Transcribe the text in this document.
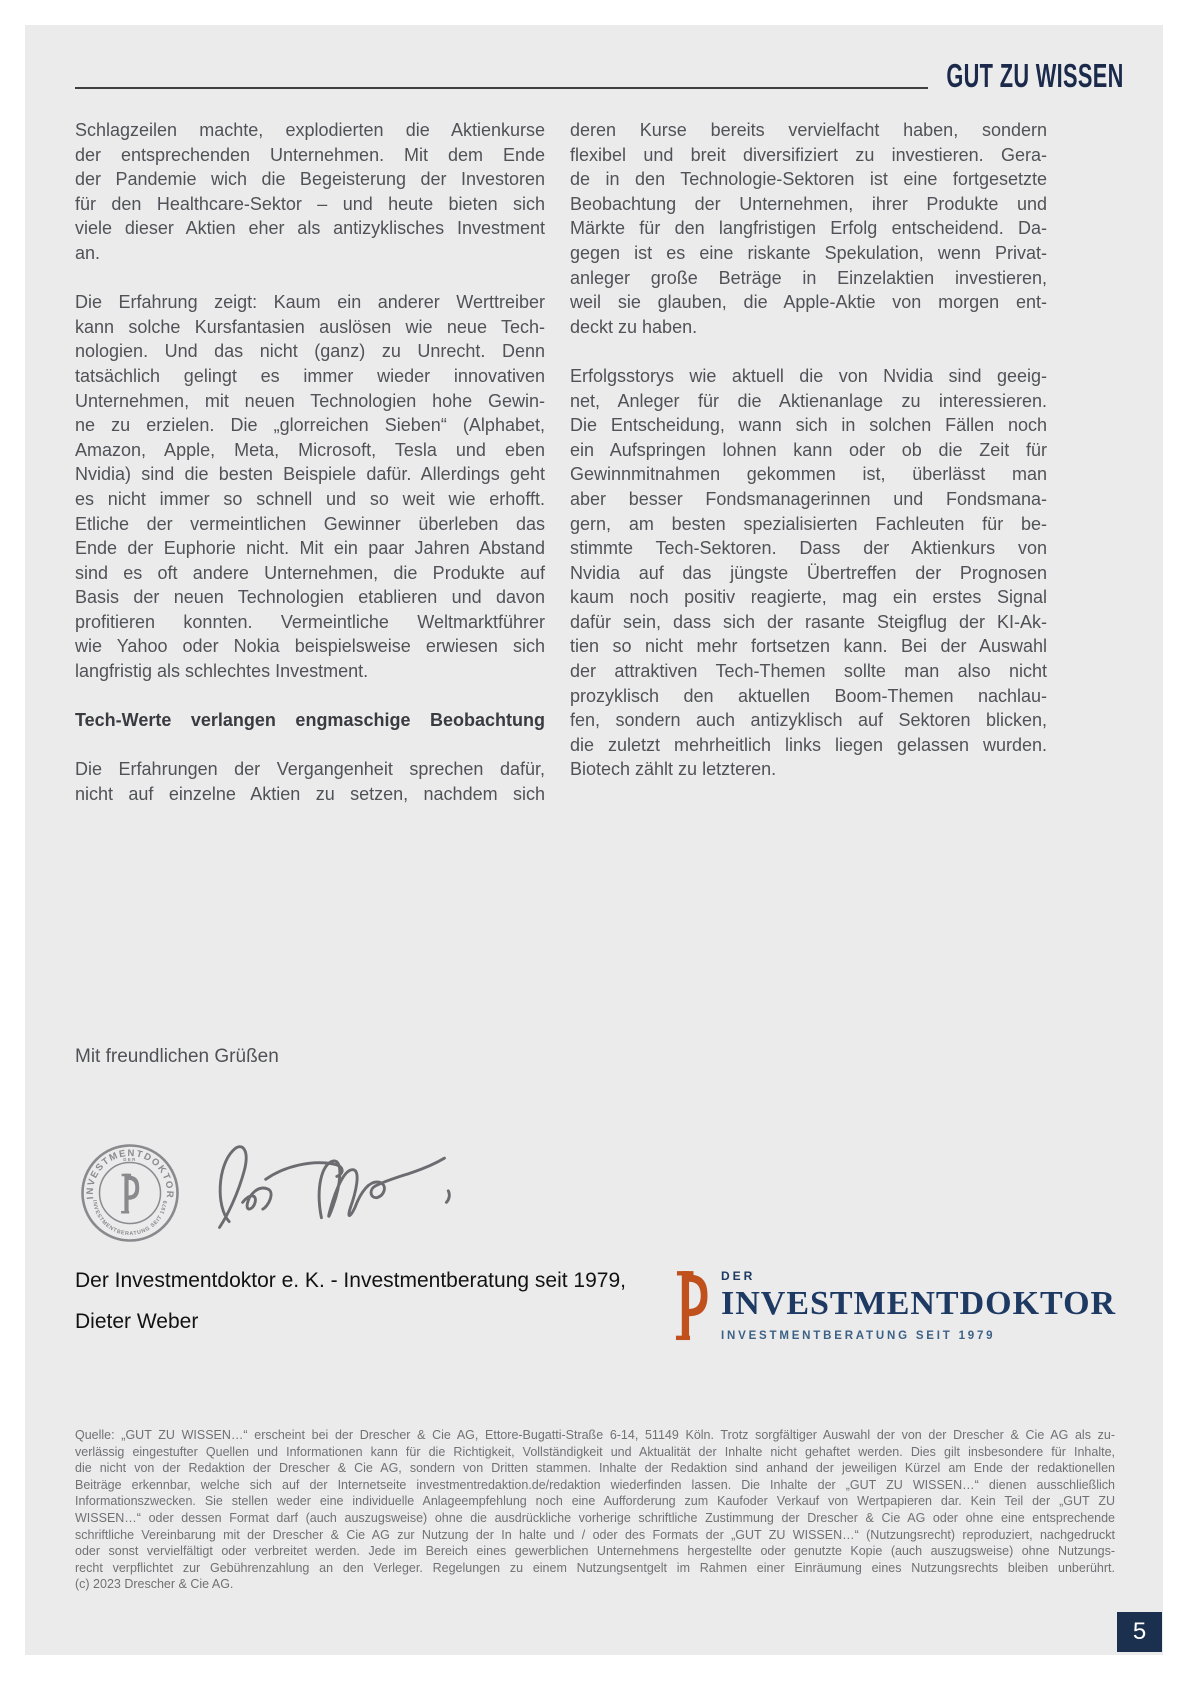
GUT ZU WISSEN
Schlagzeilen machte, explodierten die Aktienkurse
der entsprechenden Unternehmen. Mit dem Ende
der Pandemie wich die Begeisterung der Investoren
für den Healthcare-Sektor – und heute bieten sich
viele dieser Aktien eher als antizyklisches Investment
an.
Die Erfahrung zeigt: Kaum ein anderer Werttreiber
kann solche Kursfantasien auslösen wie neue Tech-
nologien. Und das nicht (ganz) zu Unrecht. Denn
tatsächlich gelingt es immer wieder innovativen
Unternehmen, mit neuen Technologien hohe Gewin-
ne zu erzielen. Die „glorreichen Sieben“ (Alphabet,
Amazon, Apple, Meta, Microsoft, Tesla und eben
Nvidia) sind die besten Beispiele dafür. Allerdings geht
es nicht immer so schnell und so weit wie erhofft.
Etliche der vermeintlichen Gewinner überleben das
Ende der Euphorie nicht. Mit ein paar Jahren Abstand
sind es oft andere Unternehmen, die Produkte auf
Basis der neuen Technologien etablieren und davon
profitieren konnten. Vermeintliche Weltmarktführer
wie Yahoo oder Nokia beispielsweise erwiesen sich
langfristig als schlechtes Investment.
Tech-Werte verlangen engmaschige Beobachtung
Die Erfahrungen der Vergangenheit sprechen dafür,
nicht auf einzelne Aktien zu setzen, nachdem sich
deren Kurse bereits vervielfacht haben, sondern
flexibel und breit diversifiziert zu investieren. Gera-
de in den Technologie-Sektoren ist eine fortgesetzte
Beobachtung der Unternehmen, ihrer Produkte und
Märkte für den langfristigen Erfolg entscheidend. Da-
gegen ist es eine riskante Spekulation, wenn Privat-
anleger große Beträge in Einzelaktien investieren,
weil sie glauben, die Apple-Aktie von morgen ent-
deckt zu haben.
Erfolgsstorys wie aktuell die von Nvidia sind geeig-
net, Anleger für die Aktienanlage zu interessieren.
Die Entscheidung, wann sich in solchen Fällen noch
ein Aufspringen lohnen kann oder ob die Zeit für
Gewinnmitnahmen gekommen ist, überlässt man
aber besser Fondsmanagerinnen und Fondsmana-
gern, am besten spezialisierten Fachleuten für be-
stimmte Tech-Sektoren. Dass der Aktienkurs von
Nvidia auf das jüngste Übertreffen der Prognosen
kaum noch positiv reagierte, mag ein erstes Signal
dafür sein, dass sich der rasante Steigflug der KI-Ak-
tien so nicht mehr fortsetzen kann. Bei der Auswahl
der attraktiven Tech-Themen sollte man also nicht
prozyklisch den aktuellen Boom-Themen nachlau-
fen, sondern auch antizyklisch auf Sektoren blicken,
die zuletzt mehrheitlich links liegen gelassen wurden.
Biotech zählt zu letzteren.
Mit freundlichen Grüßen
INVESTMENTDOKTOR
DER
INVESTMENTBERATUNG SEIT 1979
Der Investmentdoktor e. K. - Investmentberatung seit 1979,
Dieter Weber
DER
INVESTMENTDOKTOR
INVESTMENTBERATUNG SEIT 1979
Quelle: „GUT ZU WISSEN…“ erscheint bei der Drescher & Cie AG, Ettore-Bugatti-Straße 6-14, 51149 Köln. Trotz sorgfältiger Auswahl der von der Drescher & Cie AG als zu-
verlässig eingestufter Quellen und Informationen kann für die Richtigkeit, Vollständigkeit und Aktualität der Inhalte nicht gehaftet werden. Dies gilt insbesondere für Inhalte,
die nicht von der Redaktion der Drescher & Cie AG, sondern von Dritten stammen. Inhalte der Redaktion sind anhand der jeweiligen Kürzel am Ende der redaktionellen
Beiträge erkennbar, welche sich auf der Internetseite investmentredaktion.de/redaktion wiederfinden lassen. Die Inhalte der „GUT ZU WISSEN…“ dienen ausschließlich
Informationszwecken. Sie stellen weder eine individuelle Anlageempfehlung noch eine Aufforderung zum Kaufoder Verkauf von Wertpapieren dar. Kein Teil der „GUT ZU
WISSEN…“ oder dessen Format darf (auch auszugsweise) ohne die ausdrückliche vorherige schriftliche Zustimmung der Drescher & Cie AG oder ohne eine entsprechende
schriftliche Vereinbarung mit der Drescher & Cie AG zur Nutzung der In halte und / oder des Formats der „GUT ZU WISSEN…“ (Nutzungsrecht) reproduziert, nachgedruckt
oder sonst vervielfältigt oder verbreitet werden. Jede im Bereich eines gewerblichen Unternehmens hergestellte oder genutzte Kopie (auch auszugsweise) ohne Nutzungs-
recht verpflichtet zur Gebührenzahlung an den Verleger. Regelungen zu einem Nutzungsentgelt im Rahmen einer Einräumung eines Nutzungsrechts bleiben unberührt.
(c) 2023 Drescher & Cie AG.
5
